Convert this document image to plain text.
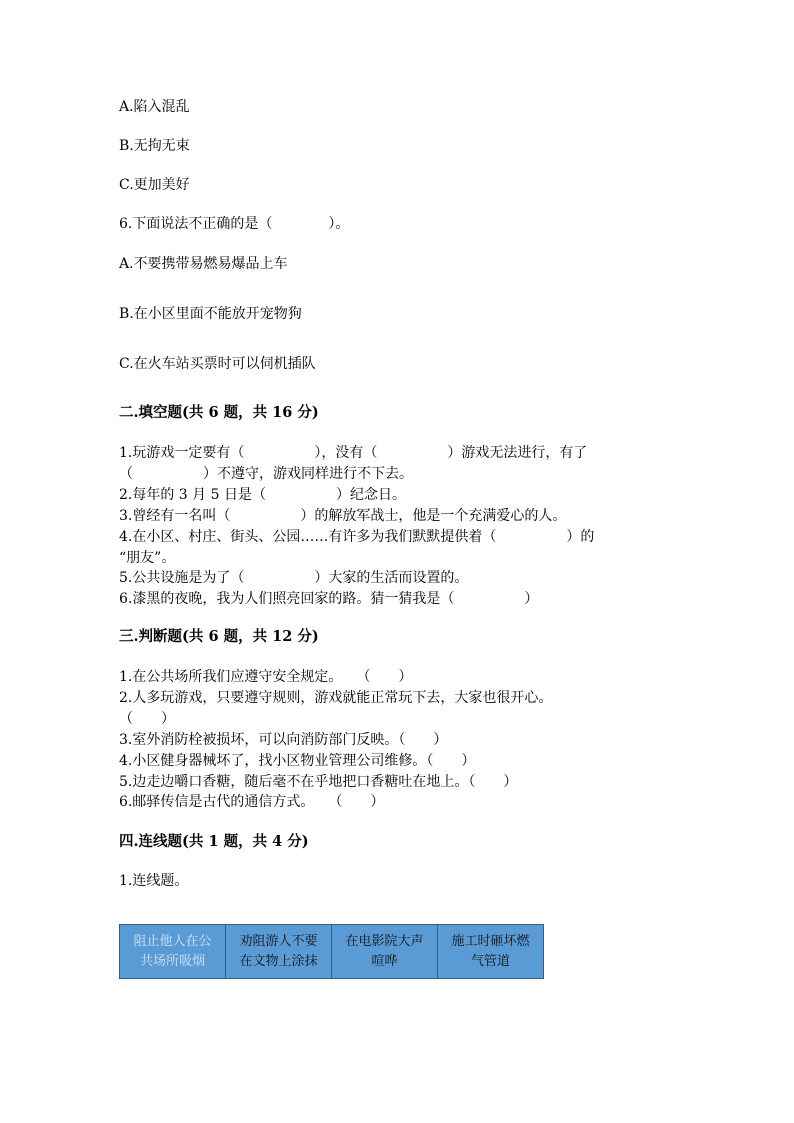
A.陷入混乱
B.无拘无束
C.更加美好
6.下面说法不正确的是（　　　　）。
A.不要携带易燃易爆品上车
B.在小区里面不能放开宠物狗
C.在火车站买票时可以伺机插队
二.填空题(共 6 题，共 16 分)
1.玩游戏一定要有（　　　　　），没有（　　　　　）游戏无法进行，有了
（　　　　　）不遵守，游戏同样进行不下去。
2.每年的 3 月 5 日是（　　　　　）纪念日。
3.曾经有一名叫（　　　　　）的解放军战士，他是一个充满爱心的人。
4.在小区、村庄、街头、公园……有许多为我们默默提供着（　　　　　）的
“朋友”。
5.公共设施是为了（　　　　　）大家的生活而设置的。
6.漆黑的夜晚，我为人们照亮回家的路。猜一猜我是（　　　　　）
三.判断题(共 6 题，共 12 分)
1.在公共场所我们应遵守安全规定。　　（　　）
2.人多玩游戏，只要遵守规则，游戏就能正常玩下去，大家也很开心。
（　　）
3.室外消防栓被损坏，可以向消防部门反映。（　　）
4.小区健身器械坏了，找小区物业管理公司维修。（　　）
5.边走边嚼口香糖，随后毫不在乎地把口香糖吐在地上。（　　）
6.邮驿传信是古代的通信方式。　　（　　）
四.连线题(共 1 题，共 4 分)
1.连线题。
阻止他人在公共场所吸烟
劝阻游人不要在文物上涂抹
在电影院大声喧哗
施工时砸坏燃气管道
